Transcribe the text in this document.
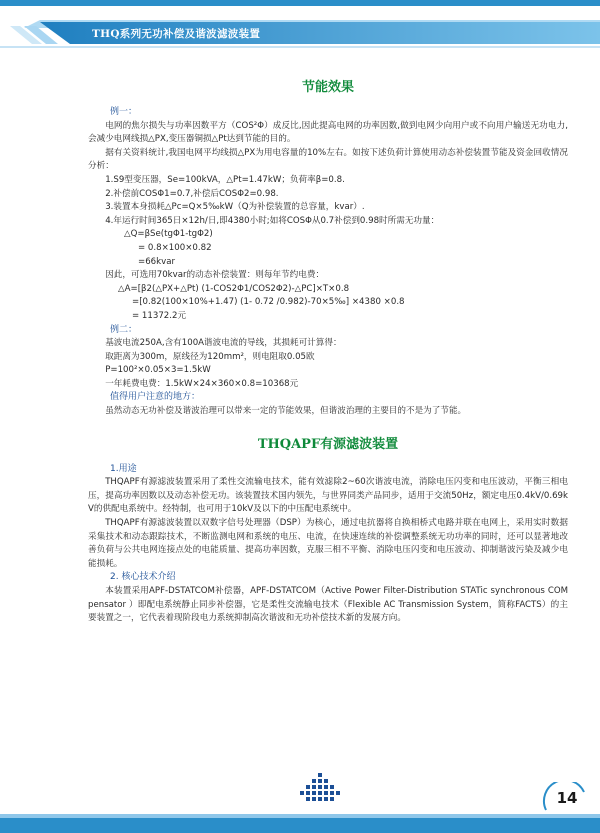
THQ系列无功补偿及谐波滤波装置
节能效果

例一：

电网的焦尔损失与功率因数平方（COS²Φ）成反比,因此提高电网的功率因数,做到电网少向用户或不向用户输送无功电力,会减少电网线损△PX,变压器铜损△Pt达到节能的目的。

据有关资料统计,我国电网平均线损△PX为用电容量的10%左右。如按下述负荷计算使用动态补偿装置节能及资金回收情况分析：

1.S9型变压器，Se=100kVA，△Pt=1.47kW；负荷率β=0.8.

2.补偿前COSΦ1=0.7,补偿后COSΦ2=0.98.

3.装置本身损耗△Pc=Q×5‰kW（Q为补偿装置的总容量，kvar）.

4.年运行时间365日×12h/日,即4380小时;如将COSΦ从0.7补偿到0.98时所需无功量：

△Q=βSe(tgΦ1-tgΦ2)

= 0.8×100×0.82

=66kvar

因此，可选用70kvar的动态补偿装置：则每年节约电费：

△A=[β2(△PX+△Pt) (1-COS2Φ1/COS2Φ2)-△PC]×T×0.8

=[0.82(100×10%+1.47) (1- 0.72 /0.982)-70×5‰] ×4380 ×0.8

= 11372.2元

例二：

基波电流250A,含有100A谐波电流的导线，其损耗可计算得：

取距离为300m，原线径为120mm²，则电阻取0.05欧

P=100²×0.05×3=1.5kW

一年耗费电费：1.5kW×24×360×0.8=10368元

值得用户注意的地方：

虽然动态无功补偿及谐波治理可以带来一定的节能效果，但谐波治理的主要目的不是为了节能。

THQAPF有源滤波装置

1.用途

THQAPF有源滤波装置采用了柔性交流输电技术，能有效滤除2~60次谐波电流，消除电压闪变和电压波动，平衡三相电压，提高功率因数以及动态补偿无功。该装置技术国内领先，与世界同类产品同步，适用于交流50Hz，额定电压0.4kV/0.69kV的供配电系统中。经特制，也可用于10kV及以下的中压配电系统中。

THQAPF有源滤波装置以双数字信号处理器（DSP）为核心，通过电抗器将自换相桥式电路并联在电网上，采用实时数据采集技术和动态跟踪技术，不断监测电网和系统的电压、电流，在快速连续的补偿调整系统无功功率的同时，还可以显著地改善负荷与公共电网连接点处的电能质量、提高功率因数，克服三相不平衡、消除电压闪变和电压波动、抑制谐波污染及减少电能损耗。

2. 核心技术介绍

本装置采用APF-DSTATCOM补偿器，APF-DSTATCOM（Active Power Filter-Distribution STATic synchronous COMpensator ）即配电系统静止同步补偿器，它是柔性交流输电技术（Flexible AC Transmission System，简称FACTS）的主要装置之一，它代表着现阶段电力系统抑制高次谐波和无功补偿技术新的发展方向。

14
